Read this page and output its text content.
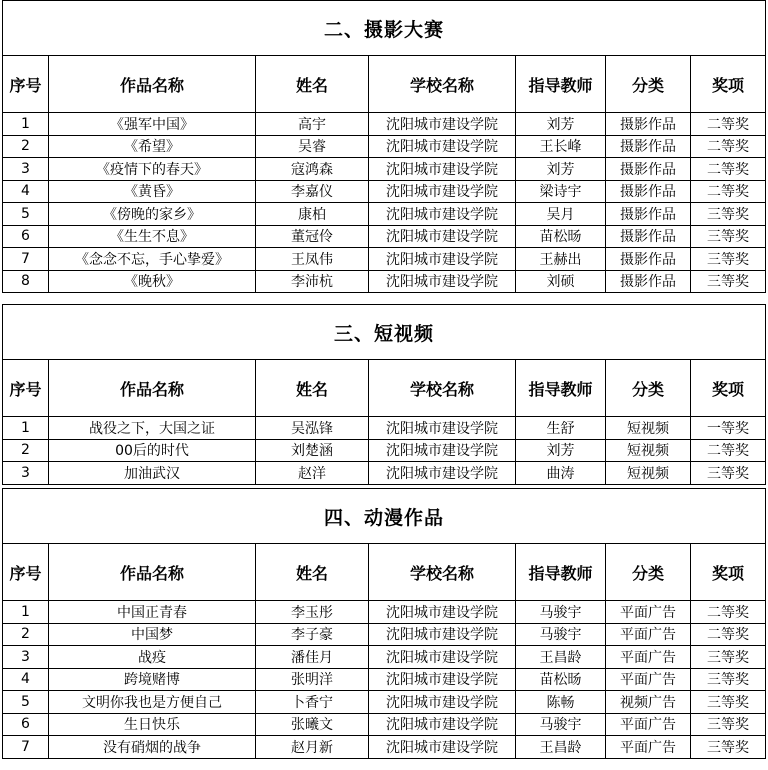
二、摄影大赛						
序号	作品名称	姓名	学校名称	指导教师	分类	奖项
1	《强军中国》	高宇	沈阳城市建设学院	刘芳	摄影作品	二等奖
2	《希望》	吴睿	沈阳城市建设学院	王长峰	摄影作品	二等奖
3	《疫情下的春天》	寇鸿森	沈阳城市建设学院	刘芳	摄影作品	二等奖
4	《黄昏》	李嘉仪	沈阳城市建设学院	梁诗宇	摄影作品	二等奖
5	《傍晚的家乡》	康柏	沈阳城市建设学院	吴月	摄影作品	三等奖
6	《生生不息》	董冠伶	沈阳城市建设学院	苗松旸	摄影作品	三等奖
7	《念念不忘，手心挚爱》	王凤伟	沈阳城市建设学院	王赫出	摄影作品	三等奖
8	《晚秋》	李沛杭	沈阳城市建设学院	刘硕	摄影作品	三等奖
三、短视频						
序号	作品名称	姓名	学校名称	指导教师	分类	奖项
1	战役之下，大国之证	吴泓锋	沈阳城市建设学院	生舒	短视频	一等奖
2	00后的时代	刘楚涵	沈阳城市建设学院	刘芳	短视频	二等奖
3	加油武汉	赵洋	沈阳城市建设学院	曲涛	短视频	三等奖
四、动漫作品						
序号	作品名称	姓名	学校名称	指导教师	分类	奖项
1	中国正青春	李玉彤	沈阳城市建设学院	马骏宇	平面广告	二等奖
2	中国梦	李子豪	沈阳城市建设学院	马骏宇	平面广告	二等奖
3	战疫	潘佳月	沈阳城市建设学院	王昌龄	平面广告	三等奖
4	跨境赌博	张明洋	沈阳城市建设学院	苗松旸	平面广告	三等奖
5	文明你我也是方便自己	卜香宁	沈阳城市建设学院	陈畅	视频广告	三等奖
6	生日快乐	张曦文	沈阳城市建设学院	马骏宇	平面广告	三等奖
7	没有硝烟的战争	赵月新	沈阳城市建设学院	王昌龄	平面广告	三等奖
